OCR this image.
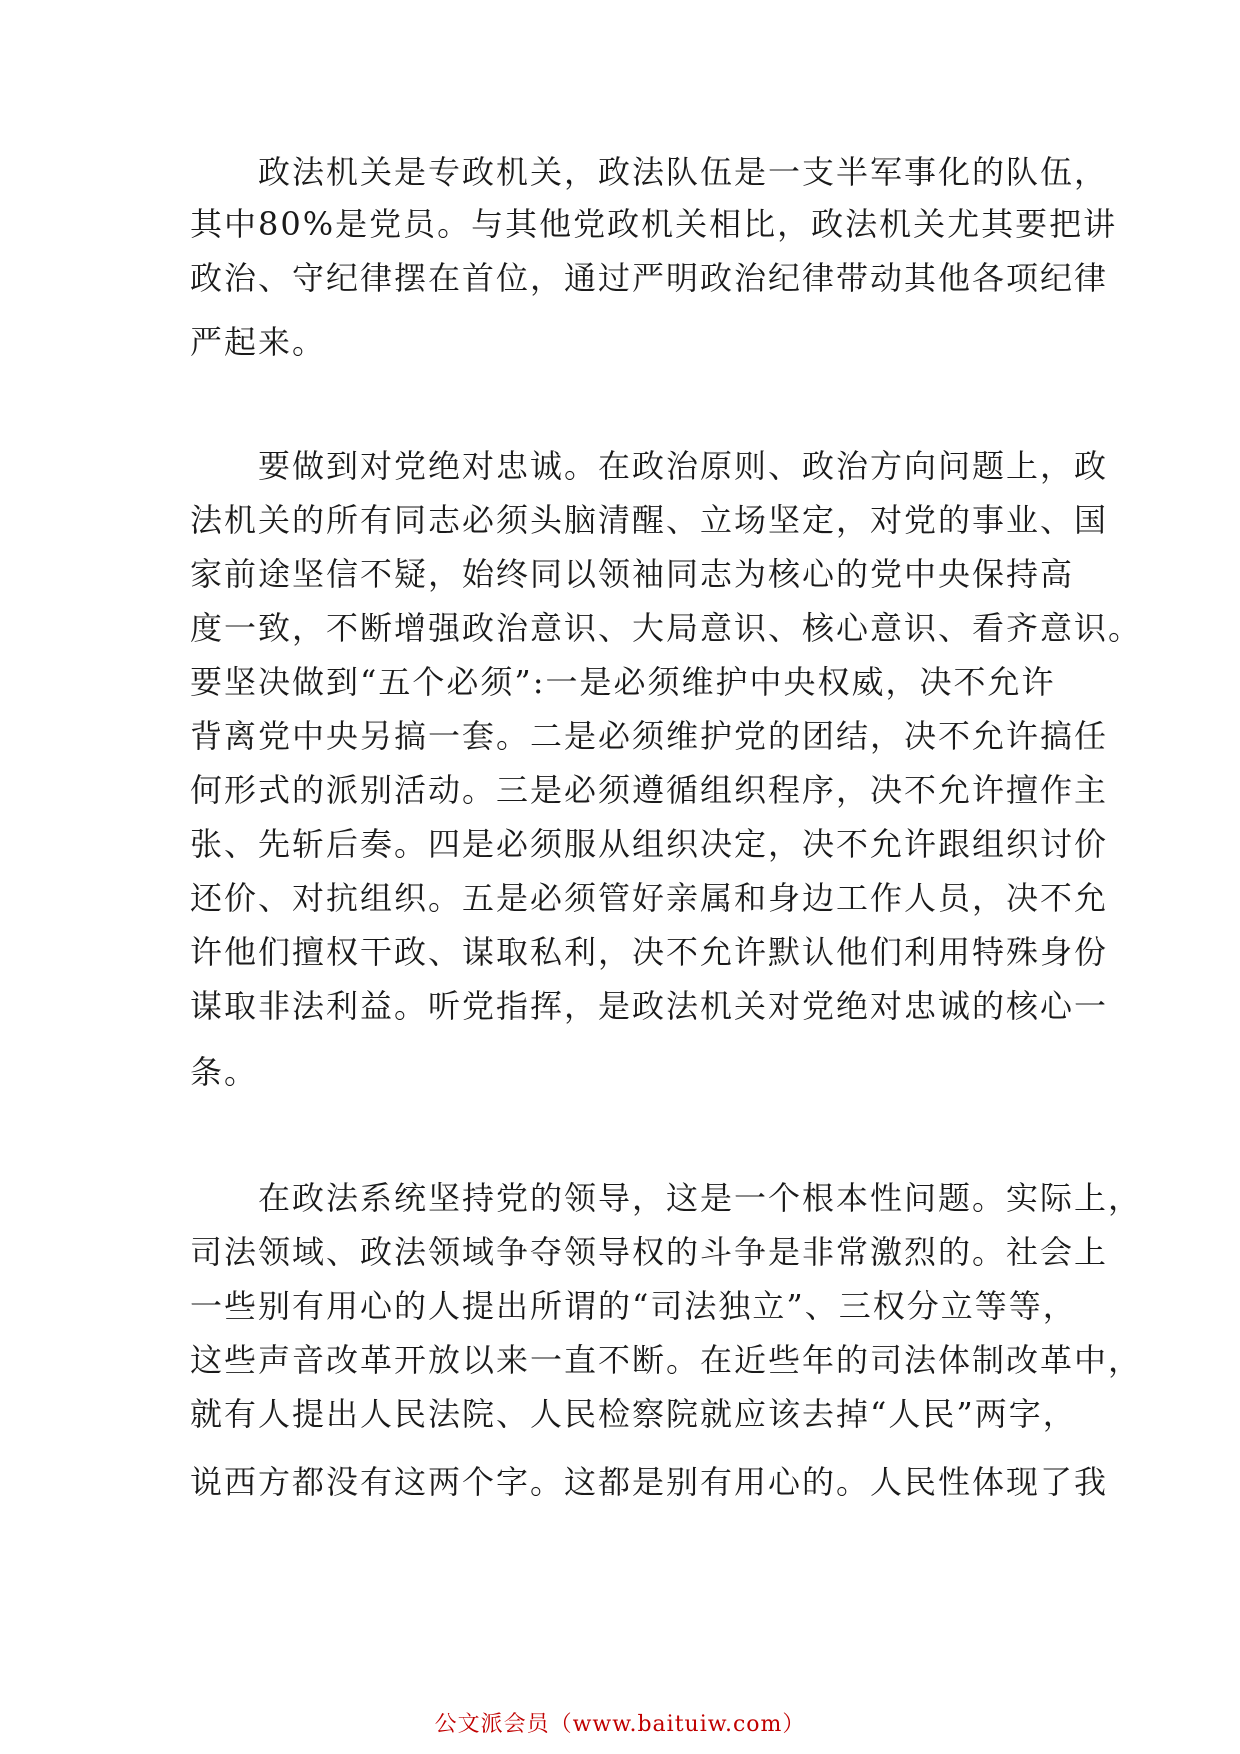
　　政法机关是专政机关，政法队伍是一支半军事化的队伍，
其中80%是党员。与其他党政机关相比，政法机关尤其要把讲
政治、守纪律摆在首位，通过严明政治纪律带动其他各项纪律
严起来。
　　要做到对党绝对忠诚。在政治原则、政治方向问题上，政
法机关的所有同志必须头脑清醒、立场坚定，对党的事业、国
家前途坚信不疑，始终同以领袖同志为核心的党中央保持高
度一致，不断增强政治意识、大局意识、核心意识、看齐意识。
要坚决做到“五个必须”:一是必须维护中央权威，决不允许
背离党中央另搞一套。二是必须维护党的团结，决不允许搞任
何形式的派别活动。三是必须遵循组织程序，决不允许擅作主
张、先斩后奏。四是必须服从组织决定，决不允许跟组织讨价
还价、对抗组织。五是必须管好亲属和身边工作人员，决不允
许他们擅权干政、谋取私利，决不允许默认他们利用特殊身份
谋取非法利益。听党指挥，是政法机关对党绝对忠诚的核心一
条。
　　在政法系统坚持党的领导，这是一个根本性问题。实际上，
司法领域、政法领域争夺领导权的斗争是非常激烈的。社会上
一些别有用心的人提出所谓的“司法独立”、三权分立等等，
这些声音改革开放以来一直不断。在近些年的司法体制改革中，
就有人提出人民法院、人民检察院就应该去掉“人民”两字，
说西方都没有这两个字。这都是别有用心的。人民性体现了我
公文派会员（www.baituiw.com）
